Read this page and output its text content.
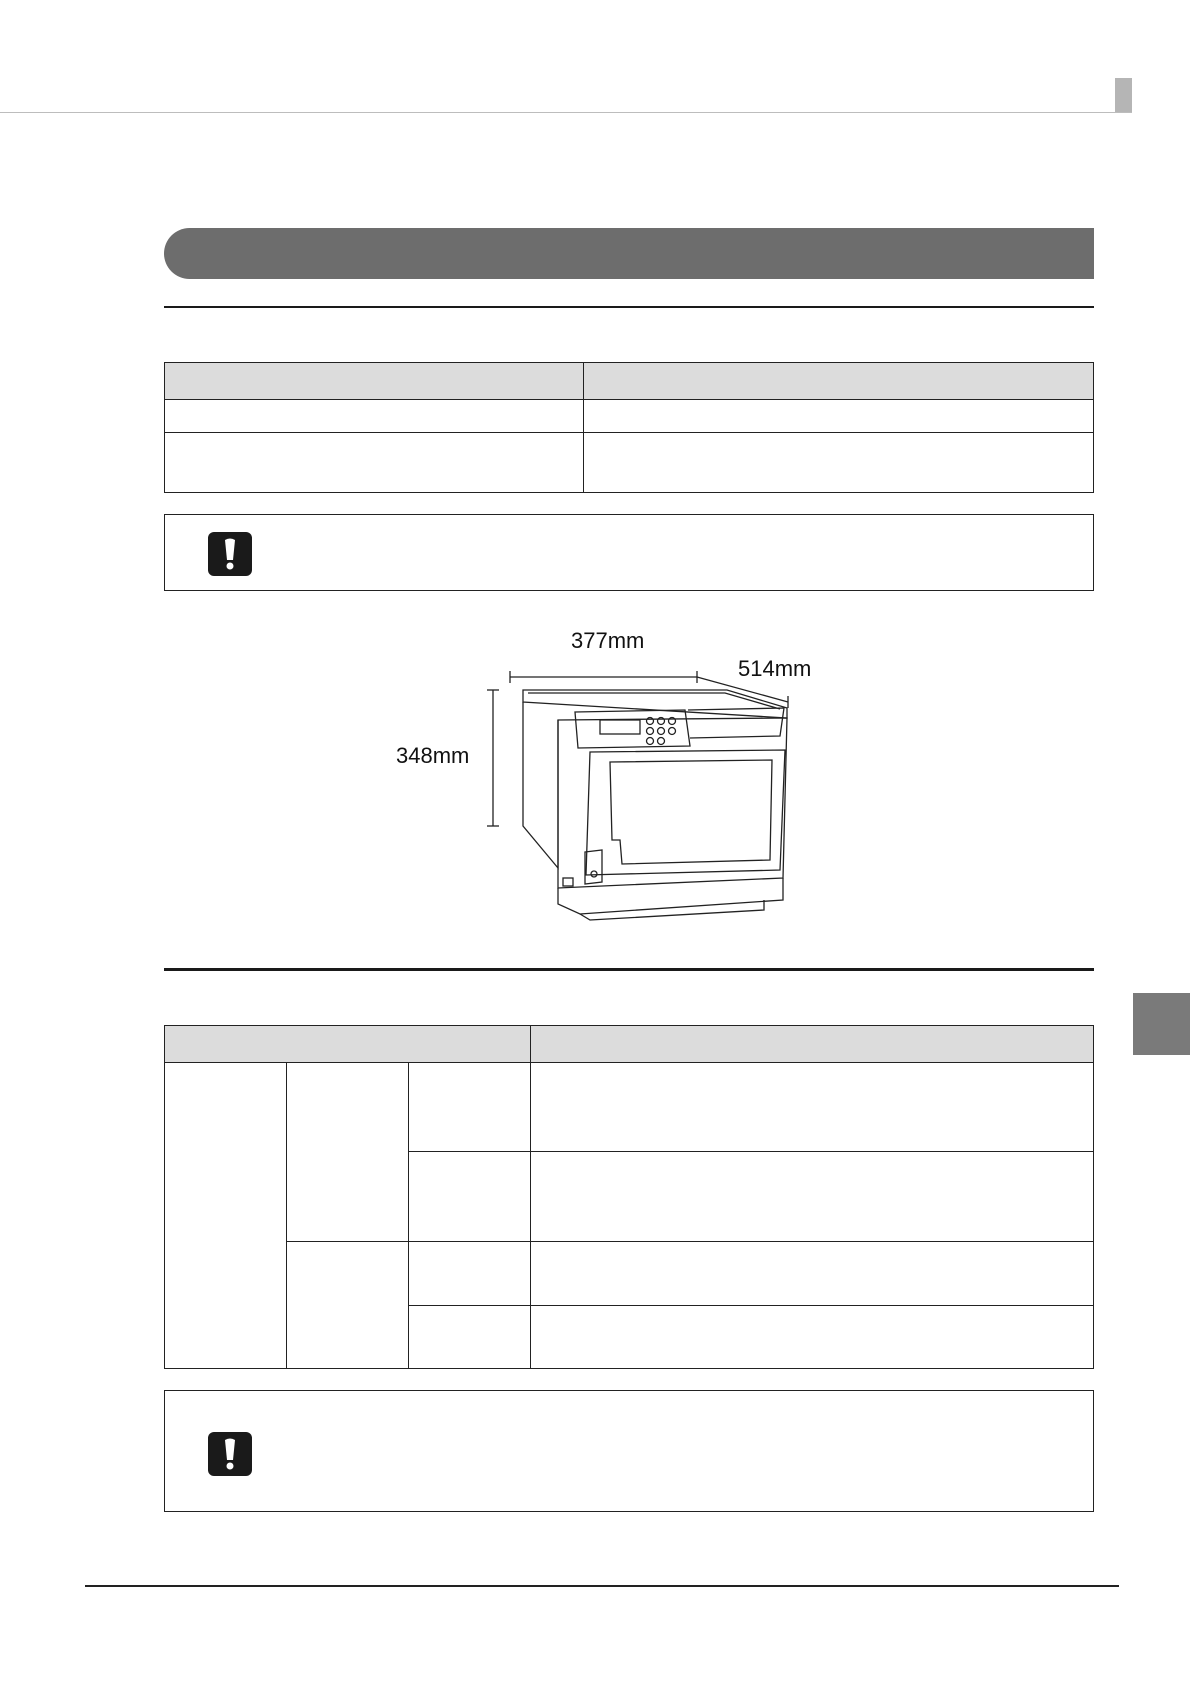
377mm
514mm
348mm
